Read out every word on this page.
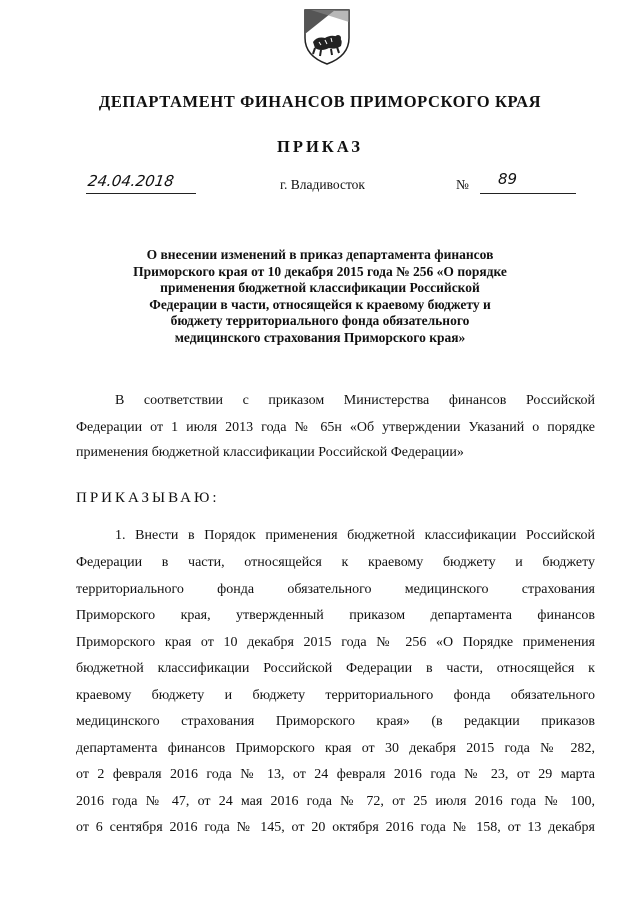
ДЕПАРТАМЕНТ ФИНАНСОВ ПРИМОРСКОГО КРАЯ
ПРИКАЗ
24.04.2018	г. Владивосток	№ 89
О внесении изменений в приказ департамента финансов
Приморского края от 10 декабря 2015 года № 256 «О порядке
применения бюджетной классификации Российской
Федерации в части, относящейся к краевому бюджету и
бюджету территориального фонда обязательного
медицинского страхования Приморского края»
В соответствии с приказом Министерства финансов Российской
Федерации от 1 июля 2013 года № 65н «Об утверждении Указаний о порядке
применения бюджетной классификации Российской Федерации»
ПРИКАЗЫВАЮ:
1. Внести в Порядок применения бюджетной классификации Российской
Федерации в части, относящейся к краевому бюджету и бюджету
территориального фонда обязательного медицинского страхования
Приморского края, утвержденный приказом департамента финансов
Приморского края от 10 декабря 2015 года № 256 «О Порядке применения
бюджетной классификации Российской Федерации в части, относящейся к
краевому бюджету и бюджету территориального фонда обязательного
медицинского страхования Приморского края» (в редакции приказов
департамента финансов Приморского края от 30 декабря 2015 года № 282,
от 2 февраля 2016 года № 13, от 24 февраля 2016 года № 23, от 29 марта
2016 года № 47, от 24 мая 2016 года № 72, от 25 июля 2016 года № 100,
от 6 сентября 2016 года № 145, от 20 октября 2016 года № 158, от 13 декабря
